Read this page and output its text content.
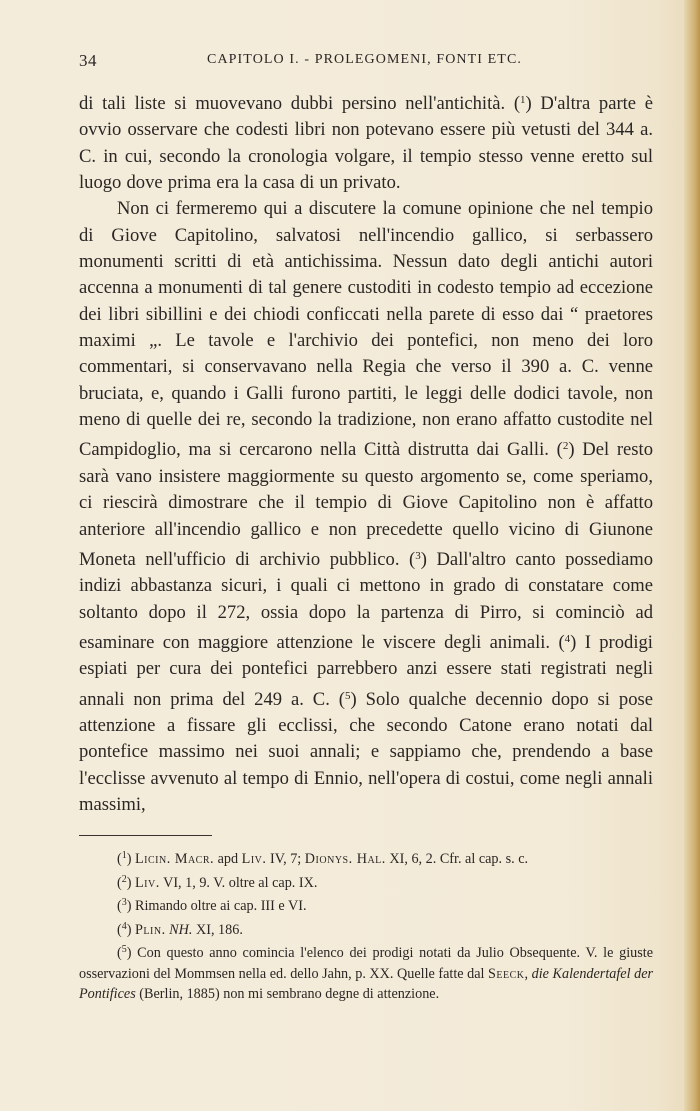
34	CAPITOLO I. - PROLEGOMENI, FONTI ETC.

di tali liste si muovevano dubbi persino nell'antichità. ($^1$) D'altra parte è ovvio osservare che codesti libri non potevano essere più vetusti del 344 a. C. in cui, secondo la cronologia volgare, il tempio stesso venne eretto sul luogo dove prima era la casa di un privato.

Non ci fermeremo qui a discutere la comune opinione che nel tempio di Giove Capitolino, salvatosi nell'incendio gallico, si serbassero monumenti scritti di età antichissima. Nessun dato degli antichi autori accenna a monumenti di tal genere custoditi in codesto tempio ad eccezione dei libri sibillini e dei chiodi conficcati nella parete di esso dai “ praetores maximi „. Le tavole e l'archivio dei pontefici, non meno dei loro commentari, si conservavano nella Regia che verso il 390 a. C. venne bruciata, e, quando i Galli furono partiti, le leggi delle dodici tavole, non meno di quelle dei re, secondo la tradizione, non erano affatto custodite nel Campidoglio, ma si cercarono nella Città distrutta dai Galli. ($^2$) Del resto sarà vano insistere maggiormente su questo argomento se, come speriamo, ci riescirà dimostrare che il tempio di Giove Capitolino non è affatto anteriore all'incendio gallico e non precedette quello vicino di Giunone Moneta nell'ufficio di archivio pubblico. ($^3$) Dall'altro canto possediamo indizi abbastanza sicuri, i quali ci mettono in grado di constatare come soltanto dopo il 272, ossia dopo la partenza di Pirro, si cominciò ad esaminare con maggiore attenzione le viscere degli animali. ($^4$) I prodigi espiati per cura dei pontefici parrebbero anzi essere stati registrati negli annali non prima del 249 a. C. ($^5$) Solo qualche decennio dopo si pose attenzione a fissare gli ecclissi, che secondo Catone erano notati dal pontefice massimo nei suoi annali; e sappiamo che, prendendo a base l'ecclisse avvenuto al tempo di Ennio, nell'opera di costui, come negli annali massimi,

($^1$) Licin. Macr. apd Liv. IV, 7; Dionys. Hal. XI, 6, 2. Cfr. al cap. s. c.

($^2$) Liv. VI, 1, 9. V. oltre al cap. IX.

($^3$) Rimando oltre ai cap. III e VI.

($^4$) Plin. NH. XI, 186.

($^5$) Con questo anno comincia l'elenco dei prodigi notati da Julio Obsequente. V. le giuste osservazioni del Mommsen nella ed. dello Jahn, p. XX. Quelle fatte dal Seeck, die Kalendertafel der Pontifices (Berlin, 1885) non mi sembrano degne di attenzione.
